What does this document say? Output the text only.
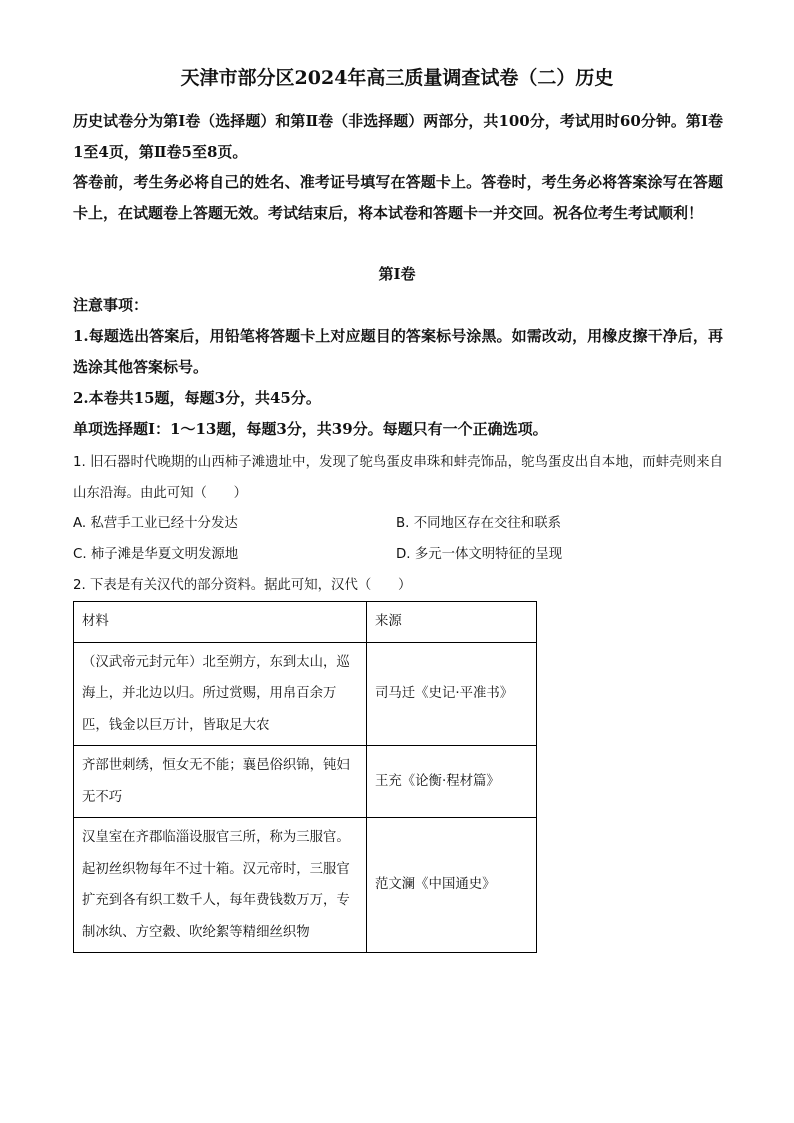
天津市部分区2024年高三质量调查试卷（二）历史
历史试卷分为第Ⅰ卷（选择题）和第Ⅱ卷（非选择题）两部分，共100分，考试用时60分钟。第Ⅰ卷1至4页，第Ⅱ卷5至8页。
答卷前，考生务必将自己的姓名、准考证号填写在答题卡上。答卷时，考生务必将答案涂写在答题卡上，在试题卷上答题无效。考试结束后，将本试卷和答题卡一并交回。祝各位考生考试顺利！
第Ⅰ卷
注意事项：
1.每题选出答案后，用铅笔将答题卡上对应题目的答案标号涂黑。如需改动，用橡皮擦干净后，再选涂其他答案标号。
2.本卷共15题，每题3分，共45分。
单项选择题Ⅰ：1～13题，每题3分，共39分。每题只有一个正确选项。
1. 旧石器时代晚期的山西柿子滩遗址中，发现了鸵鸟蛋皮串珠和蚌壳饰品，鸵鸟蛋皮出自本地，而蚌壳则来自山东沿海。由此可知（　　）
A. 私营手工业已经十分发达	B. 不同地区存在交往和联系
C. 柿子滩是华夏文明发源地	D. 多元一体文明特征的呈现
2. 下表是有关汉代的部分资料。据此可知，汉代（　　）
材料	来源
（汉武帝元封元年）北至朔方，东到太山，巡海上，并北边以归。所过赏赐，用帛百余万匹，钱金以巨万计，皆取足大农	司马迁《史记·平准书》
齐部世刺绣，恒女无不能；襄邑俗织锦，钝妇无不巧	王充《论衡·程材篇》
汉皇室在齐郡临淄设服官三所，称为三服官。起初丝织物每年不过十箱。汉元帝时，三服官扩充到各有织工数千人，每年费钱数万万，专制冰纨、方空縠、吹纶絮等精细丝织物	范文澜《中国通史》
